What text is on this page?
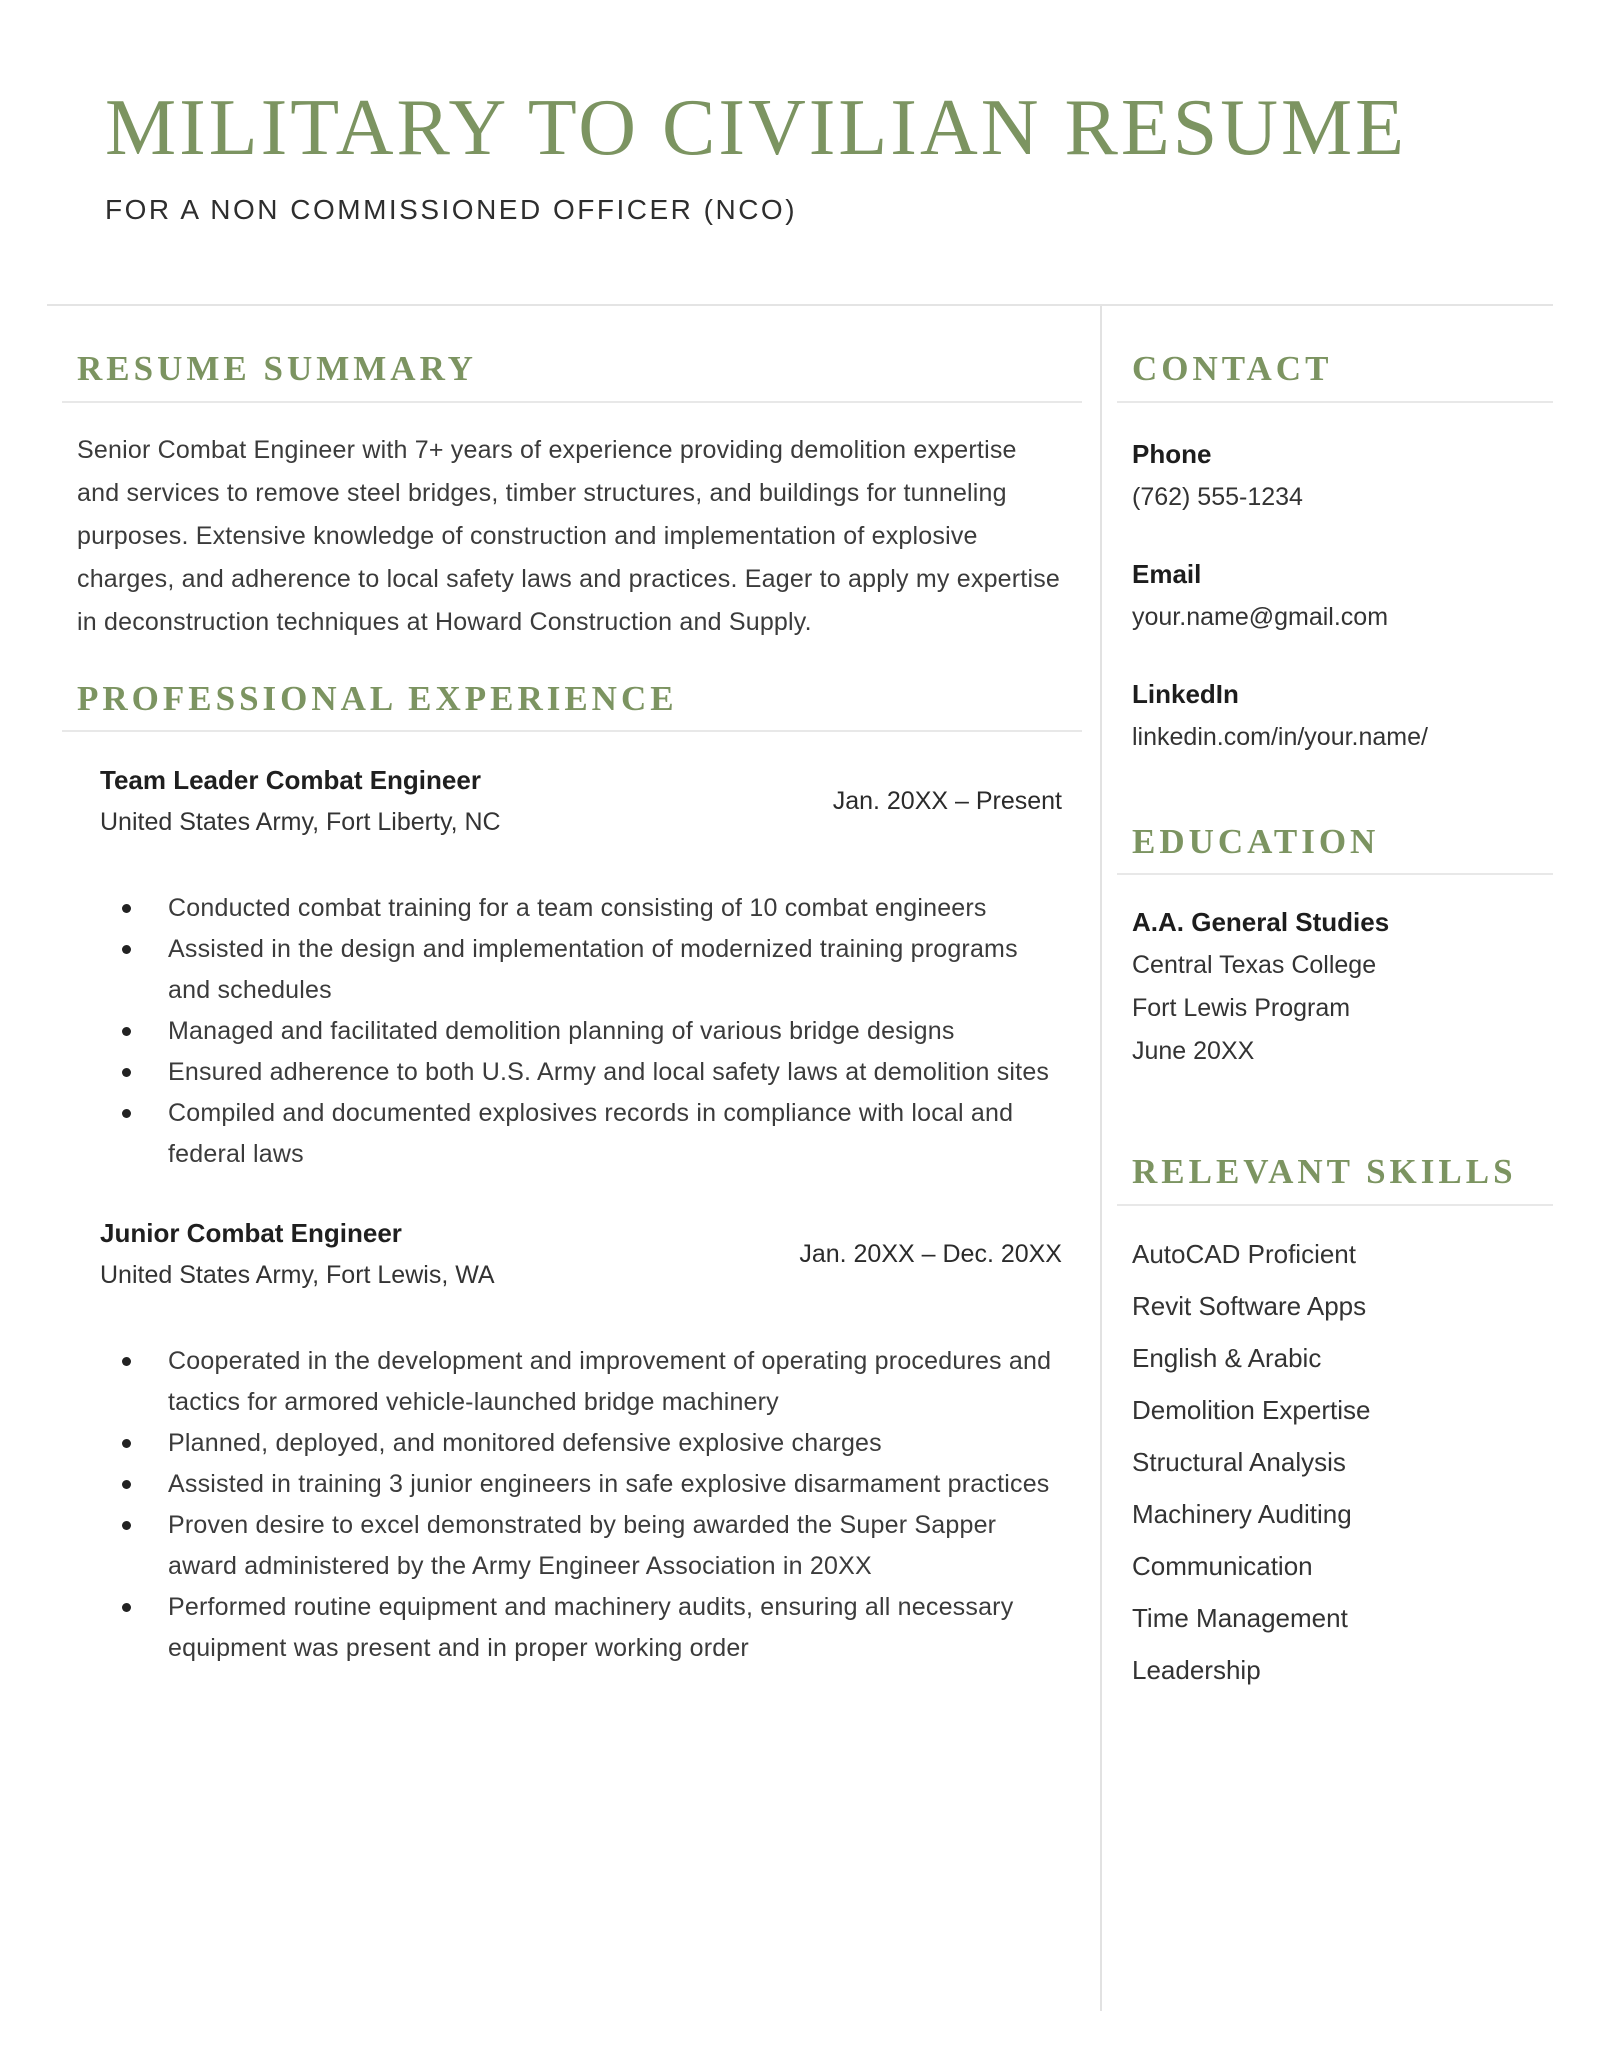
MILITARY TO CIVILIAN RESUME
FOR A NON COMMISSIONED OFFICER (NCO)
RESUME SUMMARY

Senior Combat Engineer with 7+ years of experience providing demolition expertise and services to remove steel bridges, timber structures, and buildings for tunneling purposes. Extensive knowledge of construction and implementation of explosive charges, and adherence to local safety laws and practices. Eager to apply my expertise in deconstruction techniques at Howard Construction and Supply.

PROFESSIONAL EXPERIENCE
Team Leader Combat Engineer
United States Army, Fort Liberty, NC
Jan. 20XX – Present
Conducted combat training for a team consisting of 10 combat engineers
Assisted in the design and implementation of modernized training programs and schedules
Managed and facilitated demolition planning of various bridge designs
Ensured adherence to both U.S. Army and local safety laws at demolition sites
Compiled and documented explosives records in compliance with local and federal laws
Junior Combat Engineer
United States Army, Fort Lewis, WA
Jan. 20XX – Dec. 20XX
Cooperated in the development and improvement of operating procedures and tactics for armored vehicle-launched bridge machinery
Planned, deployed, and monitored defensive explosive charges
Assisted in training 3 junior engineers in safe explosive disarmament practices
Proven desire to excel demonstrated by being awarded the Super Sapper award administered by the Army Engineer Association in 20XX
Performed routine equipment and machinery audits, ensuring all necessary equipment was present and in proper working order
CONTACT
Phone
(762) 555-1234
Email
your.name@gmail.com
LinkedIn
linkedin.com/in/your.name/
EDUCATION
A.A. General Studies
Central Texas College
Fort Lewis Program
June 20XX
RELEVANT SKILLS
AutoCAD Proficient
Revit Software Apps
English & Arabic
Demolition Expertise
Structural Analysis
Machinery Auditing
Communication
Time Management
Leadership
